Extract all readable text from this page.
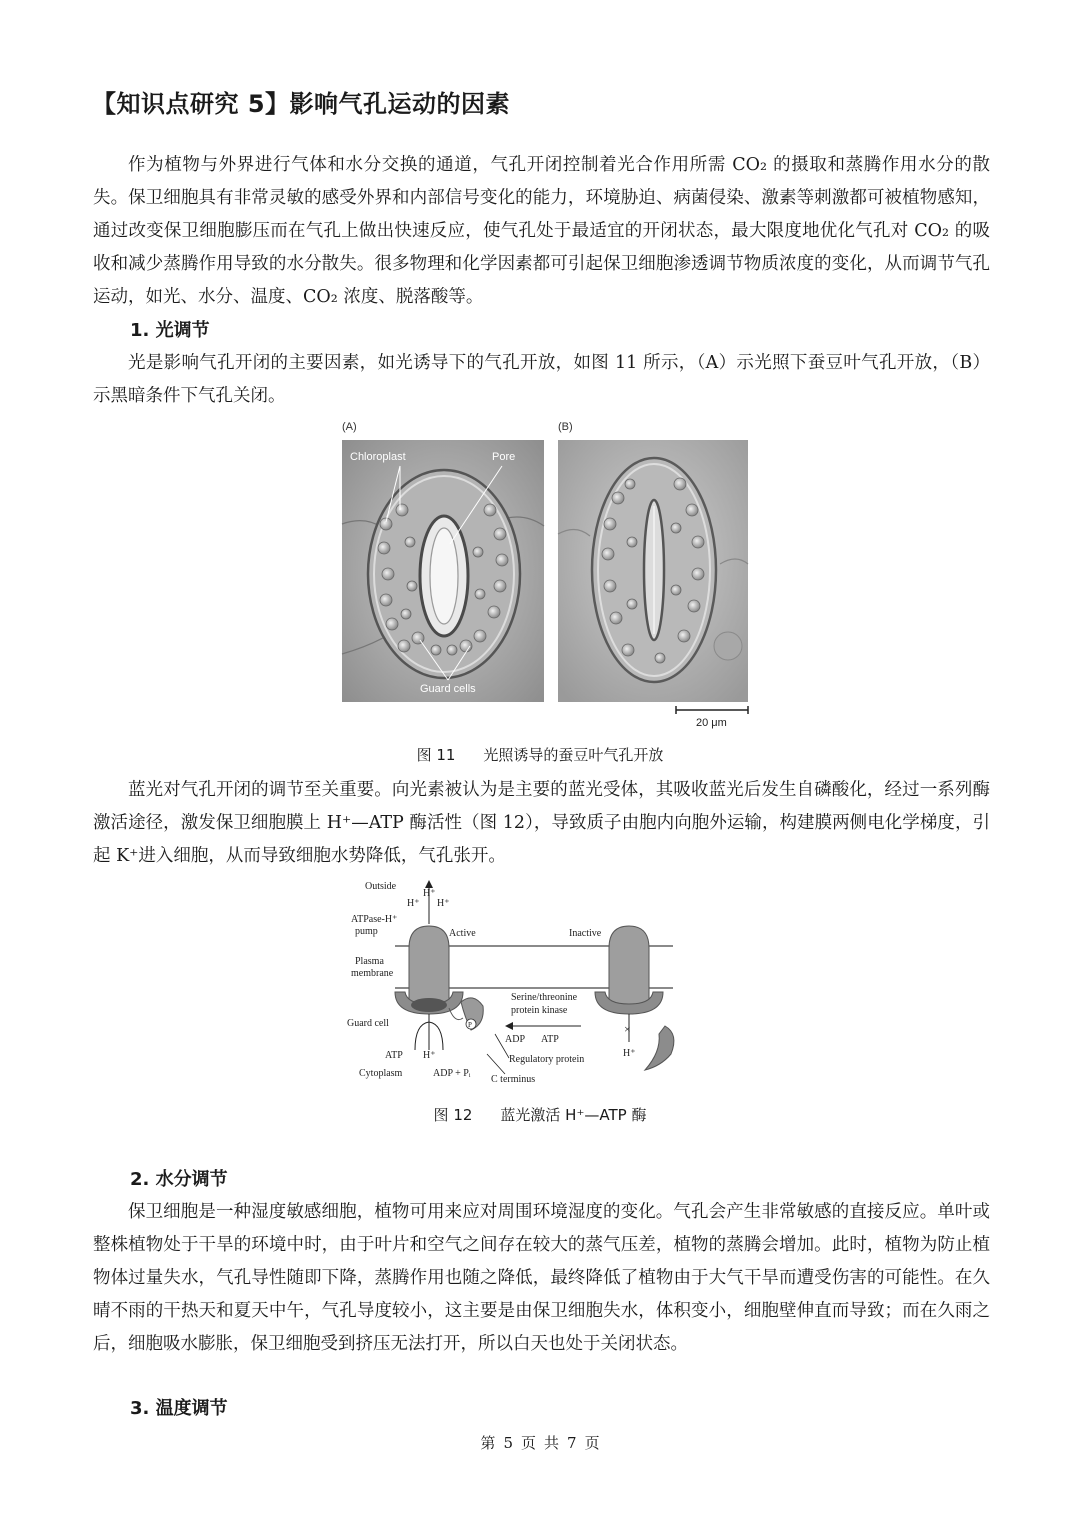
【知识点研究 5】影响气孔运动的因素

作为植物与外界进行气体和水分交换的通道，气孔开闭控制着光合作用所需 CO₂ 的摄取和蒸腾作用水分的散失。保卫细胞具有非常灵敏的感受外界和内部信号变化的能力，环境胁迫、病菌侵染、激素等刺激都可被植物感知，通过改变保卫细胞膨压而在气孔上做出快速反应，使气孔处于最适宜的开闭状态，最大限度地优化气孔对 CO₂ 的吸收和减少蒸腾作用导致的水分散失。很多物理和化学因素都可引起保卫细胞渗透调节物质浓度的变化，从而调节气孔运动，如光、水分、温度、CO₂ 浓度、脱落酸等。

1. 光调节

光是影响气孔开闭的主要因素，如光诱导下的气孔开放，如图 11 所示，（A）示光照下蚕豆叶气孔开放，（B）示黑暗条件下气孔关闭。

(A)	(B)
Chloroplast	Pore
Guard cells
20 μm
图 11 光照诱导的蚕豆叶气孔开放

蓝光对气孔开闭的调节至关重要。向光素被认为是主要的蓝光受体，其吸收蓝光后发生自磷酸化，经过一系列酶激活途径，激发保卫细胞膜上 H⁺—ATP 酶活性（图 12），导致质子由胞内向胞外运输，构建膜两侧电化学梯度，引起 K⁺进入细胞，从而导致细胞水势降低，气孔张开。

P	×
Outside
H⁺
H⁺ H⁺
ATPase-H⁺
pump	Active	Inactive
Plasma
membrane
Serine/threonine
protein kinase
Guard cell
ADP ATP
ATP H⁺	H⁺
Regulatory protein
Cytoplasm	ADP + Pᵢ
C terminus
图 12 蓝光激活 H⁺—ATP 酶
2. 水分调节

保卫细胞是一种湿度敏感细胞，植物可用来应对周围环境湿度的变化。气孔会产生非常敏感的直接反应。单叶或整株植物处于干旱的环境中时，由于叶片和空气之间存在较大的蒸气压差，植物的蒸腾会增加。此时，植物为防止植物体过量失水，气孔导性随即下降，蒸腾作用也随之降低，最终降低了植物由于大气干旱而遭受伤害的可能性。在久晴不雨的干热天和夏天中午，气孔导度较小，这主要是由保卫细胞失水，体积变小，细胞壁伸直而导致；而在久雨之后，细胞吸水膨胀，保卫细胞受到挤压无法打开，所以白天也处于关闭状态。

3. 温度调节
第 5 页 共 7 页
